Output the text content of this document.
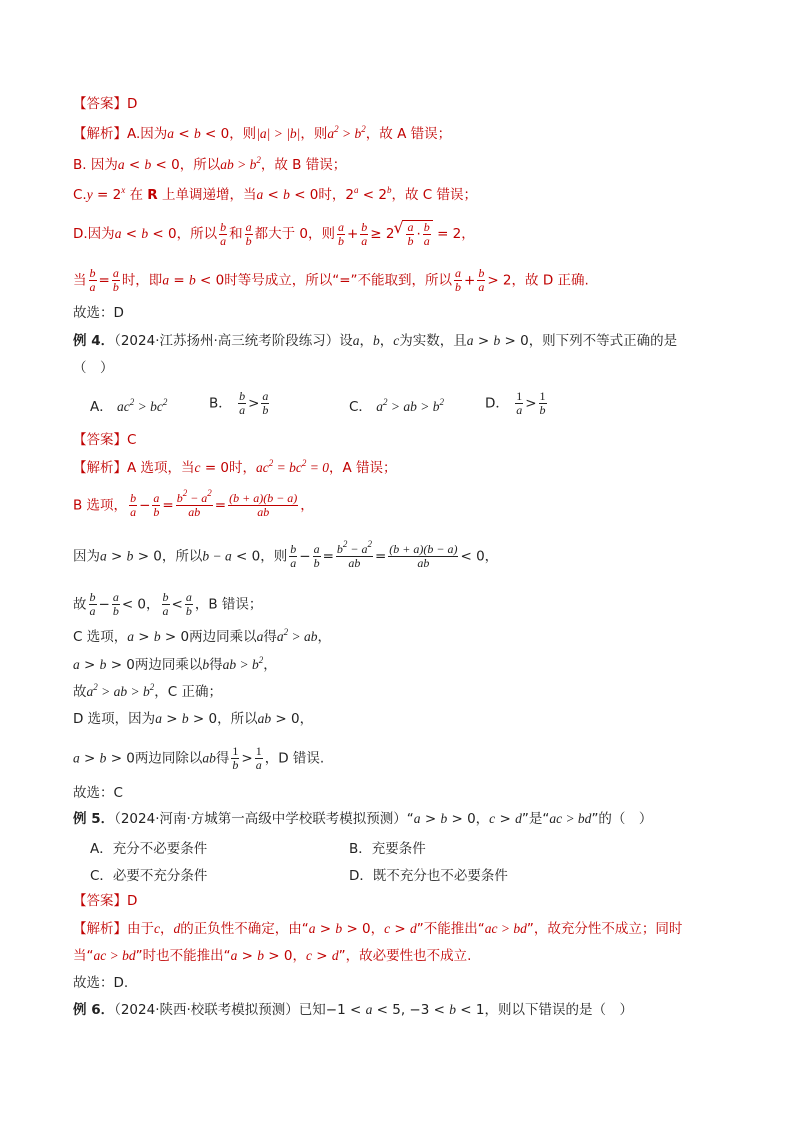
【答案】D
【解析】A.因为a < b < 0，则|a| > |b|，则$a^2 > b^2$，故 A 错误；
B. 因为a < b < 0，所以ab > $b^2$，故 B 错误；
$C.y = 2^x$ 在 R 上单调递增，当a < b < 0时，$2^a < 2^b$，故 C 错误；
D.因为a < b < 0，所以 $\frac{b}{a}$ 和 $\frac{a}{b}$ 都大于 0，则 $\frac{a}{b} + \frac{b}{a} \ge 2$
√ $\frac{a}{b} \cdot \frac{b}{a} = 2$，
当 $\frac{b}{a} = \frac{a}{b}$ 时，即a = b < 0时等号成立，所以“=”不能取到，所以 $\frac{a}{b} + \frac{b}{a} > 2$，故 D 正确.
故选：D
例 4．（2024·江苏扬州·高三统考阶段练习）设a，b，c为实数，且a > b > 0，则下列不等式正确的是
（　）
A． $ac^2 > bc^2$	B． $\frac{b}{a} > \frac{a}{b}$	C． $a^2$ > ab > $b^2$	D． $\frac{1}{a} > \frac{1}{b}$
【答案】C
【解析】A 选项，当c = 0时，$ac^2 = bc^2 = 0$，A 错误；
B 选项， $\frac{b}{a} - \frac{a}{b} = \frac{b^2 - a^2}{ab} = \frac{(b + a)(b - a)}{ab}$ ，
因为a > b > 0，所以b − a < 0，则 $\frac{b}{a} - \frac{a}{b} = \frac{b^2 - a^2}{ab} = \frac{(b + a)(b - a)}{ab} < 0$，
故 $\frac{b}{a} - \frac{a}{b} < 0$， $\frac{b}{a} < \frac{a}{b}$ ，B 错误；
C 选项，a > b > 0两边同乘以a得$a^2$ > ab，
a > b > 0两边同乘以b得ab > $b^2$，
故$a^2$ > ab > $b^2$，C 正确；
D 选项，因为a > b > 0，所以ab > 0，
a > b > 0两边同除以ab得 $\frac{1}{b} > \frac{1}{a}$ ，D 错误.
故选：C
例 5．（2024·河南·方城第一高级中学校联考模拟预测）“a > b > 0，c > d”是“ac > bd”的（　）
A．充分不必要条件	B．充要条件
C．必要不充分条件	D．既不充分也不必要条件
【答案】D
【解析】由于c，d的正负性不确定，由“a > b > 0，c > d”不能推出“ac > bd”，故充分性不成立；同时
当“ac > bd”时也不能推出“a > b > 0，c > d”，故必要性也不成立.
故选：D.
例 6．（2024·陕西·校联考模拟预测）已知−1 < a < 5, −3 < b < 1，则以下错误的是（　）
